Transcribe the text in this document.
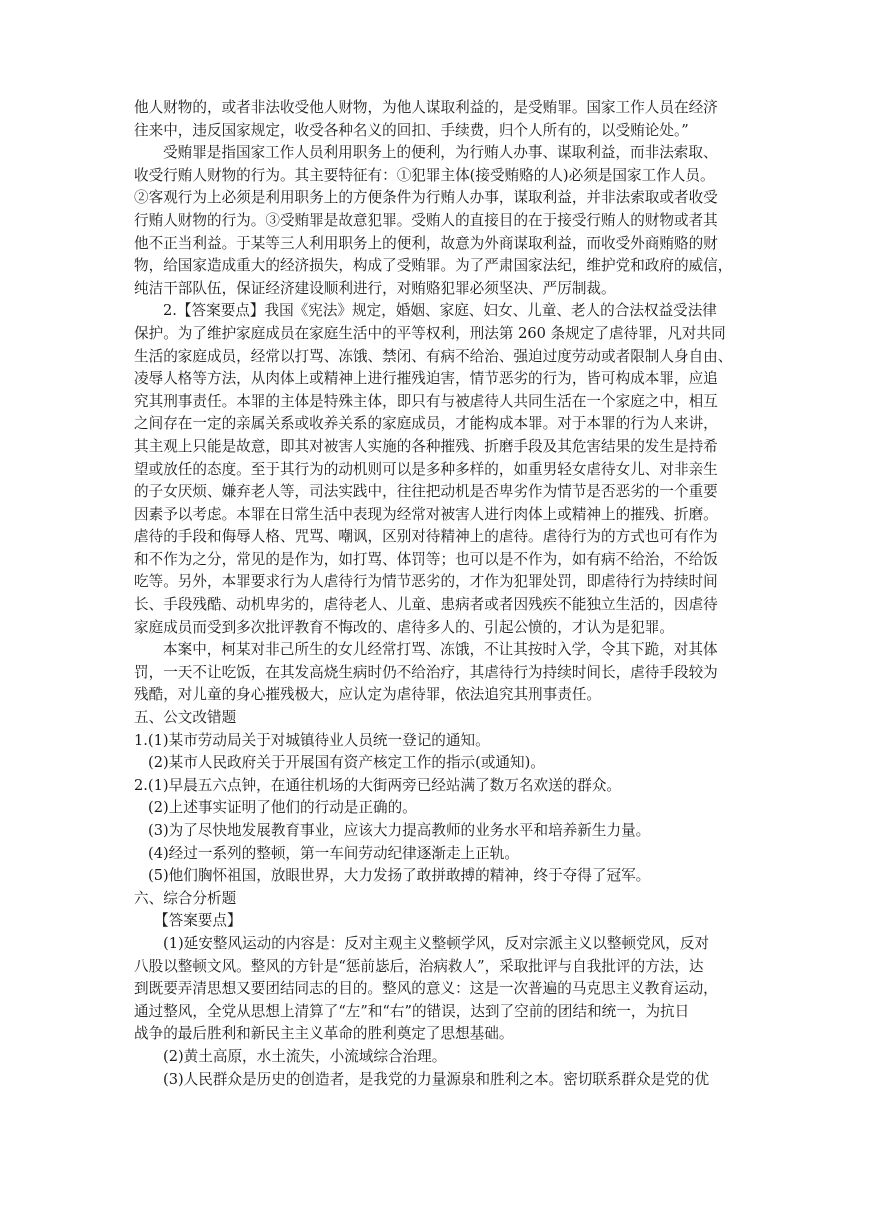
他人财物的，或者非法收受他人财物，为他人谋取利益的，是受贿罪。国家工作人员在经济
往来中，违反国家规定，收受各种名义的回扣、手续费，归个人所有的，以受贿论处。”
受贿罪是指国家工作人员利用职务上的便利，为行贿人办事、谋取利益，而非法索取、
收受行贿人财物的行为。其主要特征有：①犯罪主体(接受贿赂的人)必须是国家工作人员。
②客观行为上必须是利用职务上的方便条件为行贿人办事，谋取利益，并非法索取或者收受
行贿人财物的行为。③受贿罪是故意犯罪。受贿人的直接目的在于接受行贿人的财物或者其
他不正当利益。于某等三人利用职务上的便利，故意为外商谋取利益，而收受外商贿赂的财
物，给国家造成重大的经济损失，构成了受贿罪。为了严肃国家法纪，维护党和政府的威信，
纯洁干部队伍，保证经济建设顺利进行，对贿赂犯罪必须坚决、严厉制裁。
2.【答案要点】我国《宪法》规定，婚姻、家庭、妇女、儿童、老人的合法权益受法律
保护。为了维护家庭成员在家庭生活中的平等权利，刑法第 260 条规定了虐待罪，凡对共同
生活的家庭成员，经常以打骂、冻饿、禁闭、有病不给治、强迫过度劳动或者限制人身自由、
凌辱人格等方法，从肉体上或精神上进行摧残迫害，情节恶劣的行为，皆可构成本罪，应追
究其刑事责任。本罪的主体是特殊主体，即只有与被虐待人共同生活在一个家庭之中，相互
之间存在一定的亲属关系或收养关系的家庭成员，才能构成本罪。对于本罪的行为人来讲，
其主观上只能是故意，即其对被害人实施的各种摧残、折磨手段及其危害结果的发生是持希
望或放任的态度。至于其行为的动机则可以是多种多样的，如重男轻女虐待女儿、对非亲生
的子女厌烦、嫌弃老人等，司法实践中，往往把动机是否卑劣作为情节是否恶劣的一个重要
因素予以考虑。本罪在日常生活中表现为经常对被害人进行肉体上或精神上的摧残、折磨。
虐待的手段和侮辱人格、咒骂、嘲讽，区别对待精神上的虐待。虐待行为的方式也可有作为
和不作为之分，常见的是作为，如打骂、体罚等；也可以是不作为，如有病不给治，不给饭
吃等。另外，本罪要求行为人虐待行为情节恶劣的，才作为犯罪处罚，即虐待行为持续时间
长、手段残酷、动机卑劣的，虐待老人、儿童、患病者或者因残疾不能独立生活的，因虐待
家庭成员而受到多次批评教育不悔改的、虐待多人的、引起公愤的，才认为是犯罪。
本案中，柯某对非己所生的女儿经常打骂、冻饿，不让其按时入学，令其下跪，对其体
罚，一天不让吃饭，在其发高烧生病时仍不给治疗，其虐待行为持续时间长，虐待手段较为
残酷，对儿童的身心摧残极大，应认定为虐待罪，依法追究其刑事责任。
五、公文改错题
1.(1)某市劳动局关于对城镇待业人员统一登记的通知。
(2)某市人民政府关于开展国有资产核定工作的指示(或通知)。
2.(1)早晨五六点钟，在通往机场的大街两旁已经站满了数万名欢送的群众。
(2)上述事实证明了他们的行动是正确的。
(3)为了尽快地发展教育事业，应该大力提高教师的业务水平和培养新生力量。
(4)经过一系列的整顿，第一车间劳动纪律逐渐走上正轨。
(5)他们胸怀祖国，放眼世界，大力发扬了敢拼敢搏的精神，终于夺得了冠军。
六、综合分析题
【答案要点】
(1)延安整风运动的内容是：反对主观主义整顿学风，反对宗派主义以整顿党风，反对
八股以整顿文风。整风的方针是“惩前毖后，治病救人”，采取批评与自我批评的方法，达
到既要弄清思想又要团结同志的目的。整风的意义：这是一次普遍的马克思主义教育运动，
通过整风，全党从思想上清算了“左”和“右”的错误，达到了空前的团结和统一，为抗日
战争的最后胜利和新民主主义革命的胜利奠定了思想基础。
(2)黄土高原，水土流失，小流域综合治理。
(3)人民群众是历史的创造者，是我党的力量源泉和胜利之本。密切联系群众是党的优
